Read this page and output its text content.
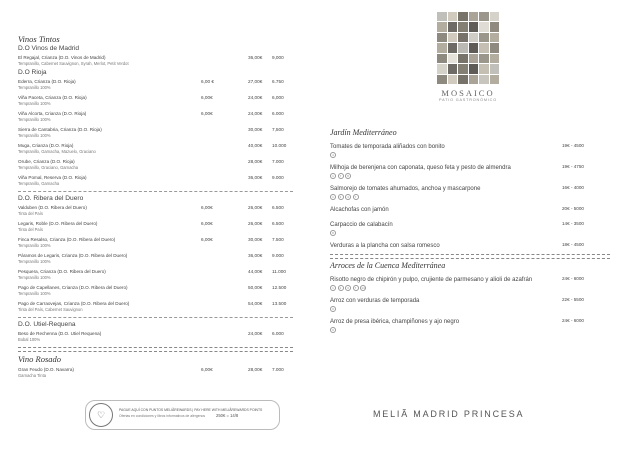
Vinos Tintos
D.O Vinos de Madrid
El Regajal, Crianza (D.O. Vinos de Madrid)
Tempranillo, Cabernet Sauvignon, Syrah, Merlot, Petit Verdot
36,00€ 9,000
D.O Rioja
Ederra, Crianza (D.O. Rioja)
Tempranillo 100%
6,00 €	27,00€ 6.750
Viña Paceta, Crianza (D.O. Rioja)
Tempranillo 100%
6,00€	24,00€ 6,000
Viña Alcorta, Crianza (D.O. Rioja)
Tempranillo 100%
6,00€	24,00€ 6.000
Sierra de Cantabria, Crianza (D.O. Rioja)
Tempranillo 100%
30,00€ 7,500
Muga, Crianza (D.O. Rioja)
Tempranillo, Garnacha, Mazuelo, Graciano
40,00€ 10.000
Orube, Crianza (D.O. Rioja)
Tempranillo, Graciano, Garnacha
28,00€ 7.000
Viña Pomal, Reserva (D.O. Rioja)
Tempranillo, Garnacha
36,00€ 9.000
D.O. Ribera del Duero
Valduben (D.O. Ribera del Duero)
Tinta del País
6,00€	26,00€ 6.500
Legaris, Roble (D.O. Ribera del Duero)
Tinta del País
6,00€	26,00€ 6.500
Finca Resalso, Crianza (D.O. Ribera del Duero)
Tempranillo 100%
6,00€	30,00€ 7.500
Páramos de Legaris, Crianza (D.O. Ribera del Duero)
Tempranillo 100%
36,00€ 9.000
Pesquera, Crianza (D.O. Ribera del Duero)
Tempranillo 100%
44,00€ 11.000
Pago de Capellanes, Crianza (D.O. Ribera del Duero)
Tempranillo 100%
50,00€ 12.500
Pago de Carraovejas, Crianza (D.O. Ribera del Duero)
Tinta del País, Cabernet Sauvignon
54,00€ 13.500
D.O. Utiel-Requena
Beso de Rechenna (D.O. Utiel Requena)
Bobal 100%
24,00€ 6.000
Vino Rosado
Gran Feudo (D.O. Navarra)
Garnacha Tinta
6,00€	28,00€ 7.000
MOSAICO
PATIO GASTRONÓMICO
Jardín Mediterráneo
Tomates de temporada aliñados con bonito	19€ - 4500
4
Milhoja de berenjena con caponata, queso feta y pesto de almendra	19€ - 4750
1	7	8
Salmorejo de tomates ahumados, anchoa y mascarpone	16€ - 4000
1	3	4	7
Alcachofas con jamón	20€ - 5000
Carpaccio de calabacín	14€ - 3500
8
Verduras a la plancha con salsa romesco	18€ - 4500
Arroces de la Cuenca Mediterránea
Risotto negro de chipirón y pulpo, crujiente de parmesano y alioli de azafrán	24€ - 6000
1	2	3	7	14
Arroz con verduras de temporada	22€ - 5500
9
Arroz de presa ibérica, champiñones y ajo negro	24€ - 6000
9
MELIÃ MADRID PRINCESA
♡	PAGUE AQUÍ CON PUNTOS MELIÃREWARDS | PAY HERE WITH MELIÃREWARDS POINTS
Ofertas en condiciones y libros informativos de alérgenos	250€ = 14/8
